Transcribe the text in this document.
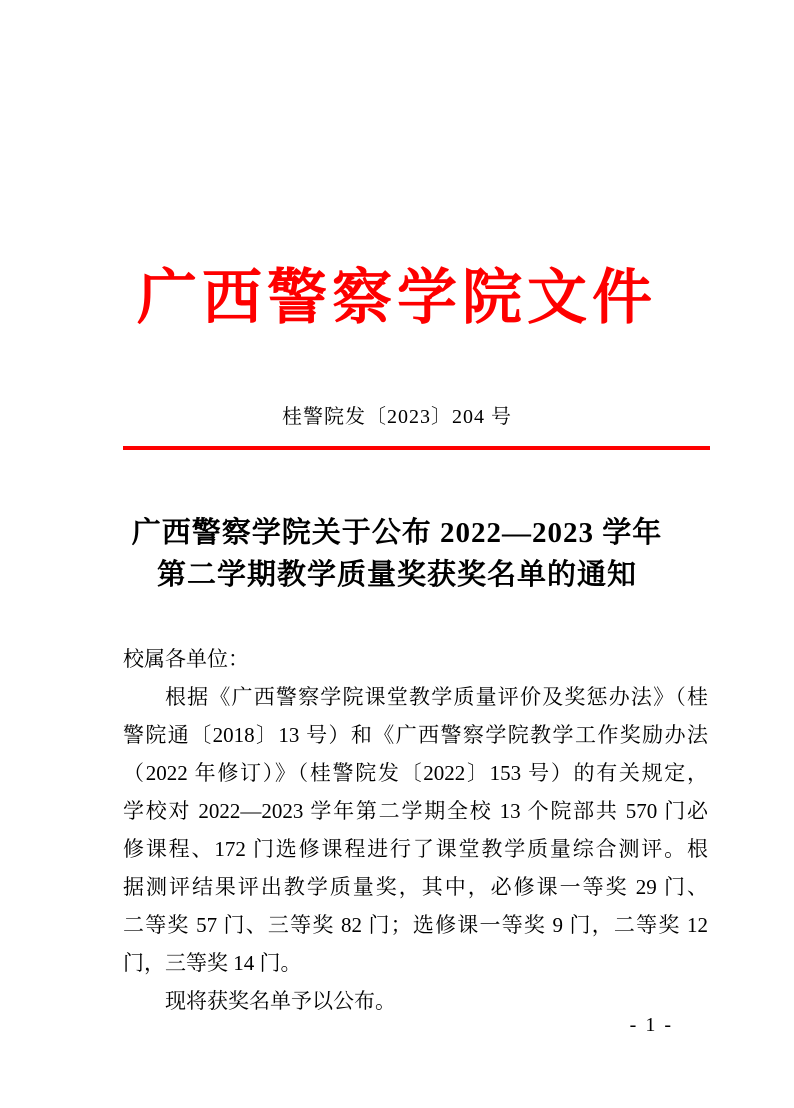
广西警察学院文件
桂警院发〔2023〕204 号
广西警察学院关于公布 2022—2023 学年
第二学期教学质量奖获奖名单的通知
校属各单位：
根据《广西警察学院课堂教学质量评价及奖惩办法》（桂
警院通〔2018〕13 号）和《广西警察学院教学工作奖励办法
（2022 年修订）》（桂警院发〔2022〕153 号）的有关规定，
学校对 2022—2023 学年第二学期全校 13 个院部共 570 门必
修课程、172 门选修课程进行了课堂教学质量综合测评。根
据测评结果评出教学质量奖，其中，必修课一等奖 29 门、
二等奖 57 门、三等奖 82 门；选修课一等奖 9 门，二等奖 12
门，三等奖 14 门。
现将获奖名单予以公布。
- 1 -
